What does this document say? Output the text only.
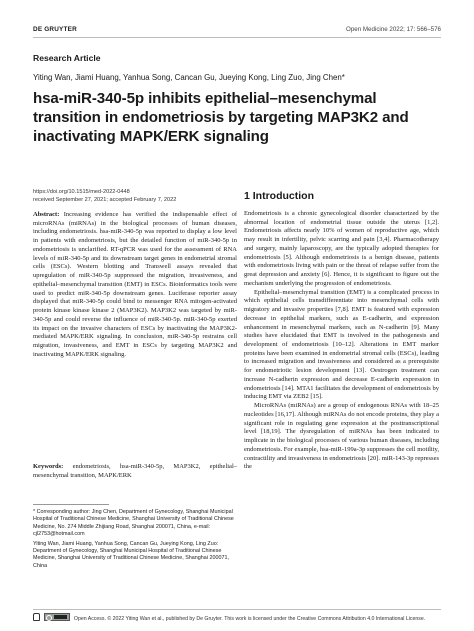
DE GRUYTER	Open Medicine 2022; 17: 566–576
Research Article
Yiting Wan, Jiami Huang, Yanhua Song, Cancan Gu, Jueying Kong, Ling Zuo, Jing Chen*
hsa-miR-340-5p inhibits epithelial–mesenchymal transition in endometriosis by targeting MAP3K2 and inactivating MAPK/ERK signaling
https://doi.org/10.1515/med-2022-0448
received September 27, 2021; accepted February 7, 2022

Abstract: Increasing evidence has verified the indispensable effect of microRNAs (miRNAs) in the biological processes of human diseases, including endometriosis. hsa-miR-340-5p was reported to display a low level in patients with endometriosis, but the detailed function of miR-340-5p in endometriosis is unclarified. RT-qPCR was used for the assessment of RNA levels of miR-340-5p and its downstream target genes in endometrial stromal cells (ESCs). Western blotting and Transwell assays revealed that upregulation of miR-340-5p suppressed the migration, invasiveness, and epithelial–mesenchymal transition (EMT) in ESCs. Bioinformatics tools were used to predict miR-340-5p downstream genes. Luciferase reporter assay displayed that miR-340-5p could bind to messenger RNA mitogen-activated protein kinase kinase kinase 2 (MAP3K2). MAP3K2 was targeted by miR-340-5p and could reverse the influence of miR-340-5p. miR-340-5p exerted its impact on the invasive characters of ESCs by inactivating the MAP3K2-mediated MAPK/ERK signaling. In conclusion, miR-340-5p restrains cell migration, invasiveness, and EMT in ESCs by targeting MAP3K2 and inactivating MAPK/ERK signaling.

Keywords: endometriosis, hsa-miR-340-5p, MAP3K2, epithelial–mesenchymal transition, MAPK/ERK

* Corresponding author: Jing Chen, Department of Gynecology, Shanghai Municipal Hospital of Traditional Chinese Medicine, Shanghai University of Traditional Chinese Medicine, No. 274 Middle Zhijiang Road, Shanghai 200071, China, e-mail: cjl2753@hotmail.com

Yiting Wan, Jiami Huang, Yanhua Song, Cancan Gu, Jueying Kong, Ling Zuo: Department of Gynecology, Shanghai Municipal Hospital of Traditional Chinese Medicine, Shanghai University of Traditional Chinese Medicine, Shanghai 200071, China

1 Introduction

Endometriosis is a chronic gynecological disorder characterized by the abnormal location of endometrial tissue outside the uterus [1,2]. Endometriosis affects nearly 10% of women of reproductive age, which may result in infertility, pelvic scarring and pain [3,4]. Pharmacotherapy and surgery, mainly laparoscopy, are the typically adopted therapies for endometriosis [5]. Although endometriosis is a benign disease, patients with endometriosis living with pain or the threat of relapse suffer from the great depression and anxiety [6]. Hence, it is significant to figure out the mechanism underlying the progression of endometriosis.

Epithelial–mesenchymal transition (EMT) is a complicated process in which epithelial cells transdifferentiate into mesenchymal cells with migratory and invasive properties [7,8]. EMT is featured with expression decrease in epithelial markers, such as E-cadherin, and expression enhancement in mesenchymal markers, such as N-cadherin [9]. Many studies have elucidated that EMT is involved in the pathogenesis and development of endometriosis [10–12]. Alterations in EMT marker proteins have been examined in endometrial stromal cells (ESCs), leading to increased migration and invasiveness and considered as a prerequisite for endometriotic lesion development [13]. Oestrogen treatment can increase N-cadherin expression and decrease E-cadherin expression in endometriosis [14]. MTA1 facilitates the development of endometriosis by inducing EMT via ZEB2 [15].

MicroRNAs (miRNAs) are a group of endogenous RNAs with 18–25 nucleotides [16,17]. Although miRNAs do not encode proteins, they play a significant role in regulating gene expression at the posttranscriptional level [18,19]. The dysregulation of miRNAs has been indicated to implicate in the biological processes of various human diseases, including endometriosis. For example, hsa-miR-199a-3p suppresses the cell motility, contractility and invasiveness in endometriosis [20]. miR-143-3p represses the

Open Access. © 2022 Yiting Wan et al., published by De Gruyter. This work is licensed under the Creative Commons Attribution 4.0 International License.
